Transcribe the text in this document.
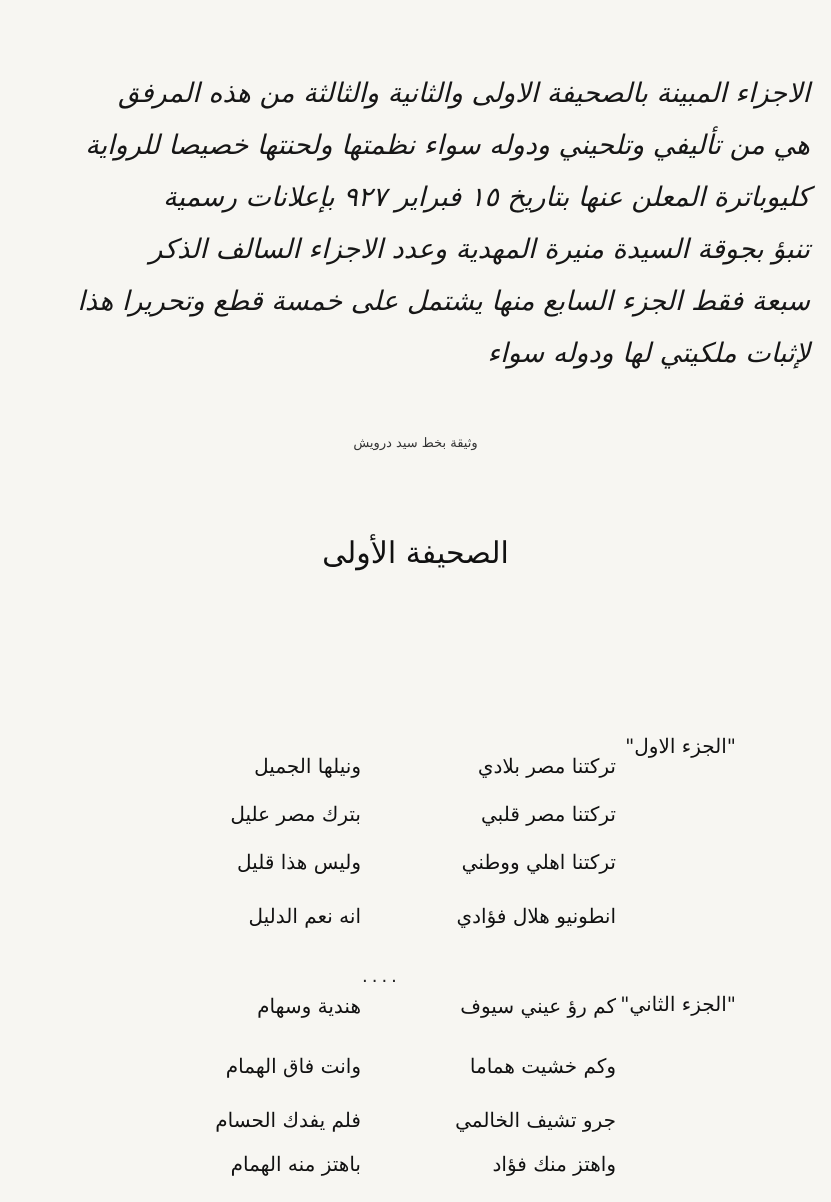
الاجزاء المبينة بالصحيفة الاولى والثانية والثالثة من هذه المرفق
هي من تأليفي وتلحيني ودوله سواء نظمتها ولحنتها خصيصا للرواية
كليوباترة المعلن عنها بتاريخ ١٥ فبراير ٩٢٧ بإعلانات رسمية
تنبؤ بجوقة السيدة منيرة المهدية وعدد الاجزاء السالف الذكر
سبعة فقط الجزء السابع منها يشتمل على خمسة قطع وتحريرا هذا
لإثبات ملكيتي لها ودوله سواء
وثيقة بخط سيد درويش
الصحيفة الأولى
"الجزء الاول"
تركتنا مصر بلادي
ونيلها الجميل
تركتنا مصر قلبي
بترك مصر عليل
تركتنا اهلي ووطني
وليس هذا قليل
انطونيو هلال فؤادي
انه نعم الدليل
....
"الجزء الثاني"
كم رؤ عيني سيوف
هندية وسهام
وكم خشيت هماما
وانت فاق الهمام
جرو تشيف الخالمي
فلم يفدك الحسام
واهتز منك فؤاد
باهتز منه الهمام
